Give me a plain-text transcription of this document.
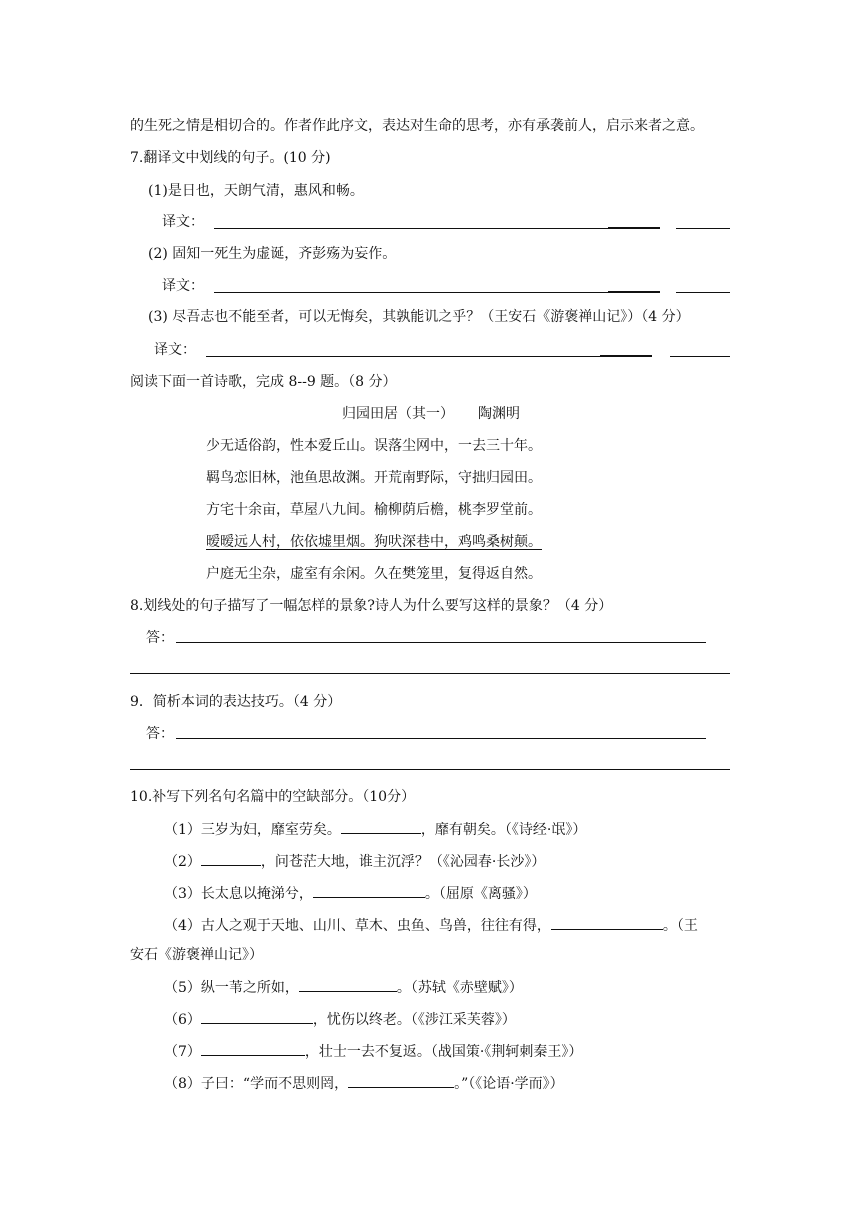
的生死之情是相切合的。作者作此序文，表达对生命的思考，亦有承袭前人，启示来者之意。
7.翻译文中划线的句子。(10 分)
(1)是日也，天朗气清，惠风和畅。
译文：
(2) 固知一死生为虚诞，齐彭殇为妄作。
译文：
(3) 尽吾志也不能至者，可以无悔矣，其孰能讥之乎？（王安石《游褒禅山记》）（4 分）
译文：
阅读下面一首诗歌，完成 8--9 题。（8 分）
归园田居（其一） 陶渊明
少无适俗韵，性本爱丘山。误落尘网中，一去三十年。
羁鸟恋旧林，池鱼思故渊。开荒南野际，守拙归园田。
方宅十余亩，草屋八九间。榆柳荫后檐，桃李罗堂前。
暧暧远人村，依依墟里烟。狗吠深巷中，鸡鸣桑树颠。
户庭无尘杂，虚室有余闲。久在樊笼里，复得返自然。
8.划线处的句子描写了一幅怎样的景象?诗人为什么要写这样的景象？（4 分）
答：
9．简析本词的表达技巧。（4 分）
答：
10.补写下列名句名篇中的空缺部分。（10分）
（1）三岁为妇，靡室劳矣。	，靡有朝矣。（《诗经·氓》）
（2）	，问苍茫大地，谁主沉浮？（《沁园春·长沙》）
（3）长太息以掩涕兮，	。（屈原《离骚》）
（4）古人之观于天地、山川、草木、虫鱼、鸟兽，往往有得，	。（王
安石《游褒禅山记》）
（5）纵一苇之所如，	。（苏轼《赤壁赋》）
（6）	，忧伤以终老。（《涉江采芙蓉》）
（7）	，壮士一去不复返。（战国策·《荆轲刺秦王》）
（8）子曰：“学而不思则罔，	。”（《论语·学而》）
